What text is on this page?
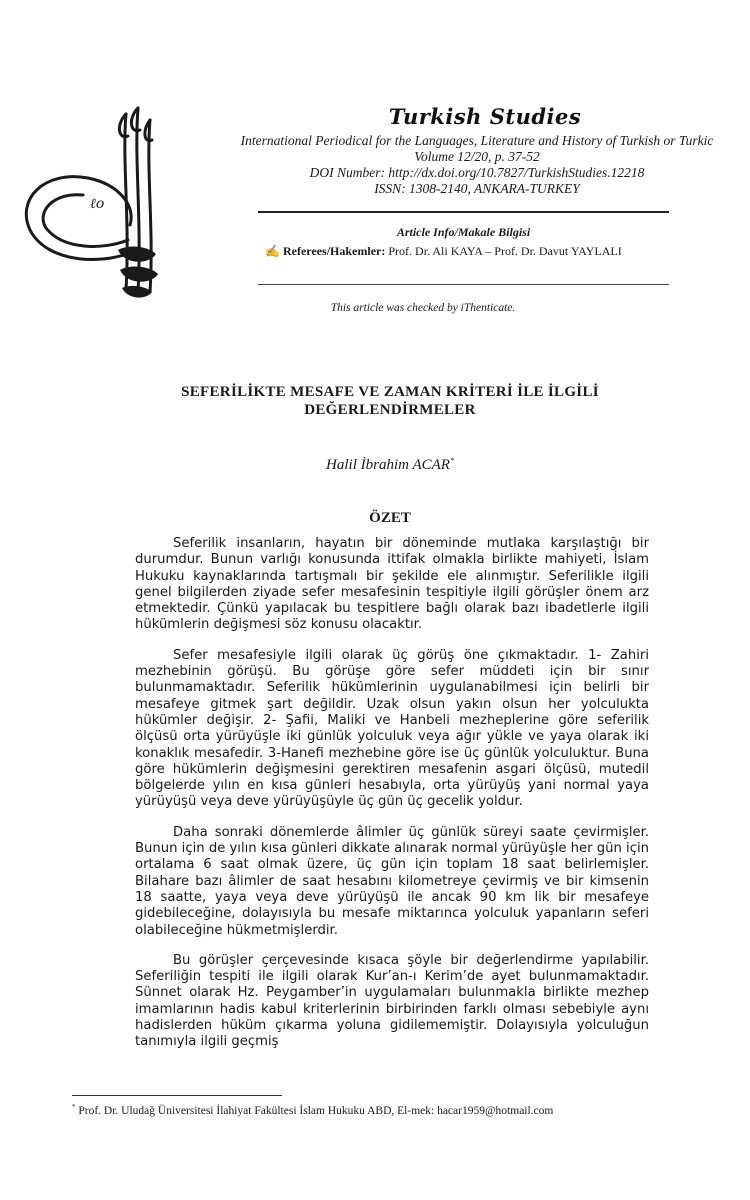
ℓo
Turkish Studies
International Periodical for the Languages, Literature and History of Turkish or Turkic
Volume 12/20, p. 37-52
DOI Number: http://dx.doi.org/10.7827/TurkishStudies.12218
ISSN: 1308-2140, ANKARA-TURKEY
Article Info/Makale Bilgisi
✍ Referees/Hakemler: Prof. Dr. Ali KAYA – Prof. Dr. Davut YAYLALI
This article was checked by iThenticate.
SEFERİLİKTE MESAFE VE ZAMAN KRİTERİ İLE İLGİLİ DEĞERLENDİRMELER
Halil İbrahim ACAR*
ÖZET

Seferilik insanların, hayatın bir döneminde mutlaka karşılaştığı bir durumdur. Bunun varlığı konusunda ittifak olmakla birlikte mahiyeti, İslam Hukuku kaynaklarında tartışmalı bir şekilde ele alınmıştır. Seferilikle ilgili genel bilgilerden ziyade sefer mesafesinin tespitiyle ilgili görüşler önem arz etmektedir. Çünkü yapılacak bu tespitlere bağlı olarak bazı ibadetlerle ilgili hükümlerin değişmesi söz konusu olacaktır.

Sefer mesafesiyle ilgili olarak üç görüş öne çıkmaktadır. 1- Zahiri mezhebinin görüşü. Bu görüşe göre sefer müddeti için bir sınır bulunmamaktadır. Seferilik hükümlerinin uygulanabilmesi için belirli bir mesafeye gitmek şart değildir. Uzak olsun yakın olsun her yolculukta hükümler değişir. 2- Şafii, Maliki ve Hanbeli mezheplerine göre seferilik ölçüsü orta yürüyüşle iki günlük yolculuk veya ağır yükle ve yaya olarak iki konaklık mesafedir. 3-Hanefi mezhebine göre ise üç günlük yolculuktur. Buna göre hükümlerin değişmesini gerektiren mesafenin asgari ölçüsü, mutedil bölgelerde yılın en kısa günleri hesabıyla, orta yürüyüş yani normal yaya yürüyüşü veya deve yürüyüşüyle üç gün üç gecelik yoldur.

Daha sonraki dönemlerde âlimler üç günlük süreyi saate çevirmişler. Bunun için de yılın kısa günleri dikkate alınarak normal yürüyüşle her gün için ortalama 6 saat olmak üzere, üç gün için toplam 18 saat belirlemişler. Bilahare bazı âlimler de saat hesabını kilometreye çevirmiş ve bir kimsenin 18 saatte, yaya veya deve yürüyüşü ile ancak 90 km lik bir mesafeye gidebileceğine, dolayısıyla bu mesafe miktarınca yolculuk yapanların seferi olabileceğine hükmetmişlerdir.

Bu görüşler çerçevesinde kısaca şöyle bir değerlendirme yapılabilir. Seferiliğin tespiti ile ilgili olarak Kur’an-ı Kerim’de ayet bulunmamaktadır. Sünnet olarak Hz. Peygamber’in uygulamaları bulunmakla birlikte mezhep imamlarının hadis kabul kriterlerinin birbirinden farklı olması sebebiyle aynı hadislerden hüküm çıkarma yoluna gidilememiştir. Dolayısıyla yolculuğun tanımıyla ilgili geçmiş

* Prof. Dr. Uludağ Üniversitesi İlahiyat Fakültesi İslam Hukuku ABD, El-mek: hacar1959@hotmail.com
